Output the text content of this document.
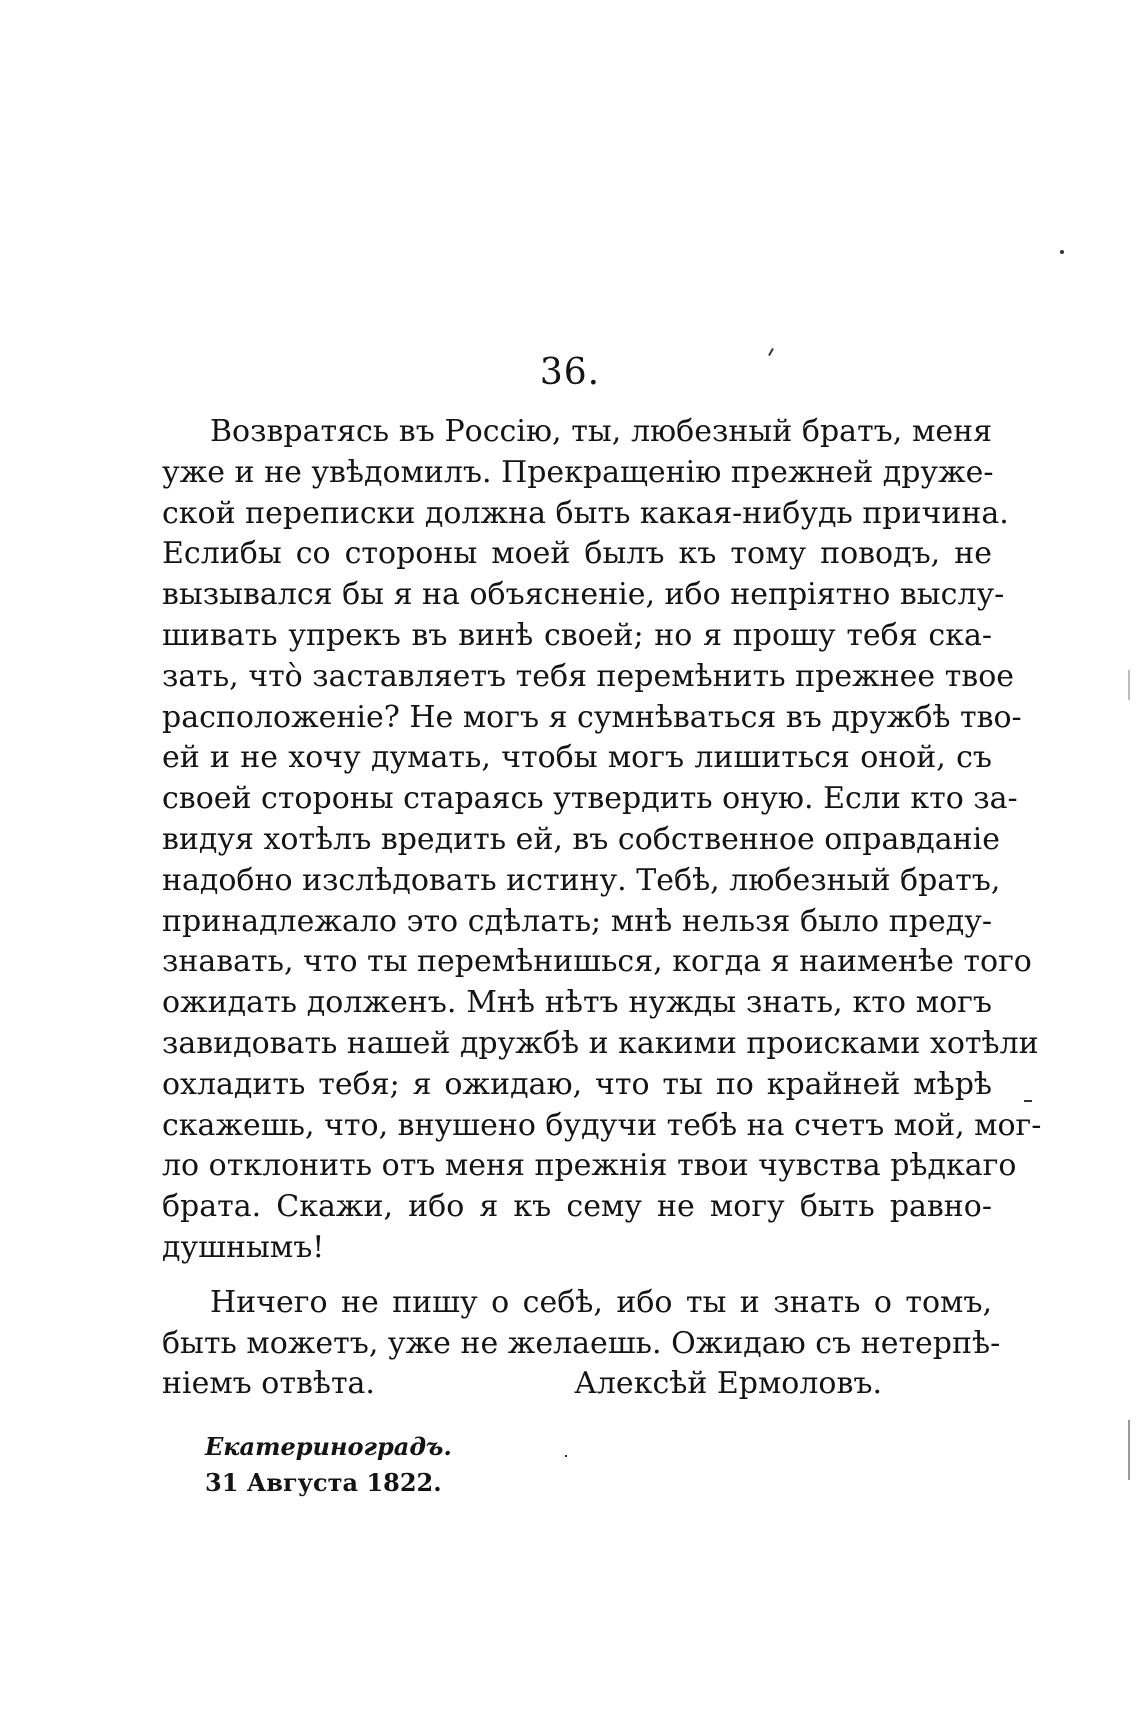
36.
Возвратясь въ Россію, ты, любезный братъ, меня
уже и не увѣдомилъ. Прекращенію прежней друже-
ской переписки должна быть какая-нибудь причина.
Еслибы со стороны моей былъ къ тому поводъ, не
вызывался бы я на объясненіе, ибо непріятно выслу-
шивать упрекъ въ винѣ своей; но я прошу тебя ска-
зать, чтò заставляетъ тебя перемѣнить прежнее твое
расположеніе? Не могъ я сумнѣваться въ дружбѣ тво-
ей и не хочу думать, чтобы могъ лишиться оной, съ
своей стороны стараясь утвердить оную. Если кто за-
видуя хотѣлъ вредить ей, въ собственное оправданіе
надобно изслѣдовать истину. Тебѣ, любезный братъ,
принадлежало это сдѣлать; мнѣ нельзя было преду-
знавать, что ты перемѣнишься, когда я наименѣе того
ожидать долженъ. Мнѣ нѣтъ нужды знать, кто могъ
завидовать нашей дружбѣ и какими происками хотѣли
охладить тебя; я ожидаю, что ты по крайней мѣрѣ
скажешь, что, внушено будучи тебѣ на счетъ мой, мог-
ло отклонить отъ меня прежнія твои чувства рѣдкаго
брата. Скажи, ибо я къ сему не могу быть равно-
душнымъ!
Ничего не пишу о себѣ, ибо ты и знать о томъ,
быть можетъ, уже не желаешь. Ожидаю съ нетерпѣ-
ніемъ отвѣта.	Алексѣй Ермоловъ.
Екатериноградъ.
31 Августа 1822.
